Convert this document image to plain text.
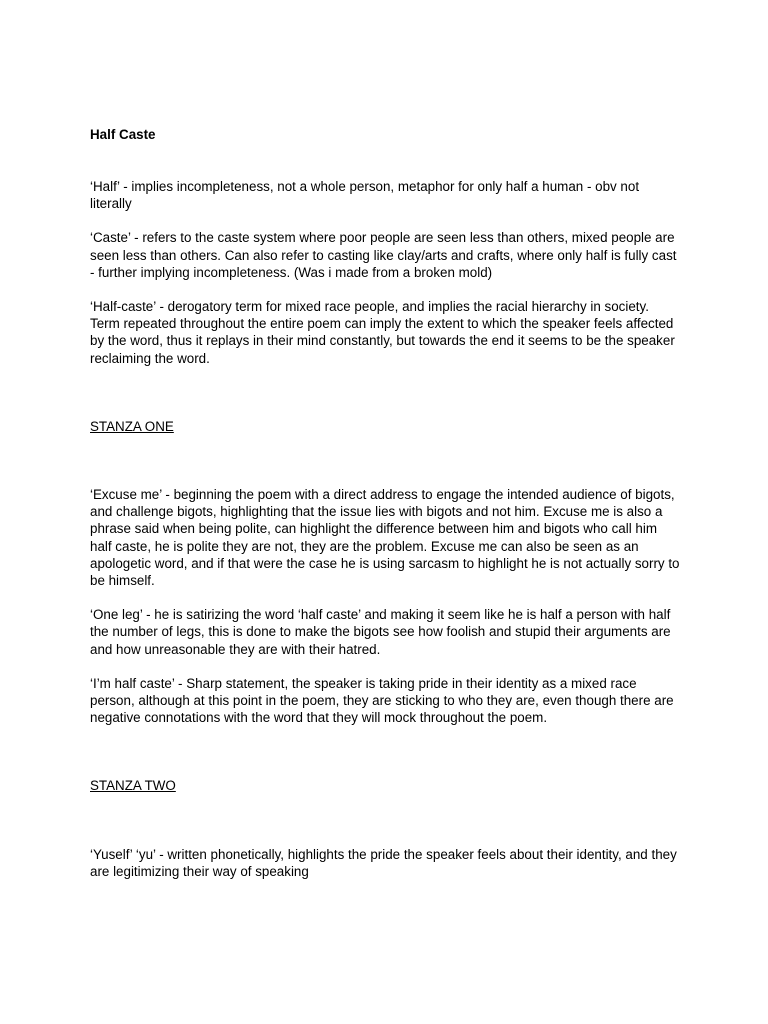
Half Caste

‘Half’ - implies incompleteness, not a whole person, metaphor for only half a human - obv not literally

‘Caste’ - refers to the caste system where poor people are seen less than others, mixed people are seen less than others. Can also refer to casting like clay/arts and crafts, where only half is fully cast - further implying incompleteness. (Was i made from a broken mold)

‘Half-caste’ - derogatory term for mixed race people, and implies the racial hierarchy in society. Term repeated throughout the entire poem can imply the extent to which the speaker feels affected by the word, thus it replays in their mind constantly, but towards the end it seems to be the speaker reclaiming the word.

STANZA ONE

‘Excuse me’ - beginning the poem with a direct address to engage the intended audience of bigots, and challenge bigots, highlighting that the issue lies with bigots and not him. Excuse me is also a phrase said when being polite, can highlight the difference between him and bigots who call him half caste, he is polite they are not, they are the problem. Excuse me can also be seen as an apologetic word, and if that were the case he is using sarcasm to highlight he is not actually sorry to be himself.

‘One leg’ - he is satirizing the word ‘half caste’ and making it seem like he is half a person with half the number of legs, this is done to make the bigots see how foolish and stupid their arguments are and how unreasonable they are with their hatred.

‘I’m half caste’ - Sharp statement, the speaker is taking pride in their identity as a mixed race person, although at this point in the poem, they are sticking to who they are, even though there are negative connotations with the word that they will mock throughout the poem.

STANZA TWO

‘Yuself’ ‘yu’ - written phonetically, highlights the pride the speaker feels about their identity, and they are legitimizing their way of speaking
